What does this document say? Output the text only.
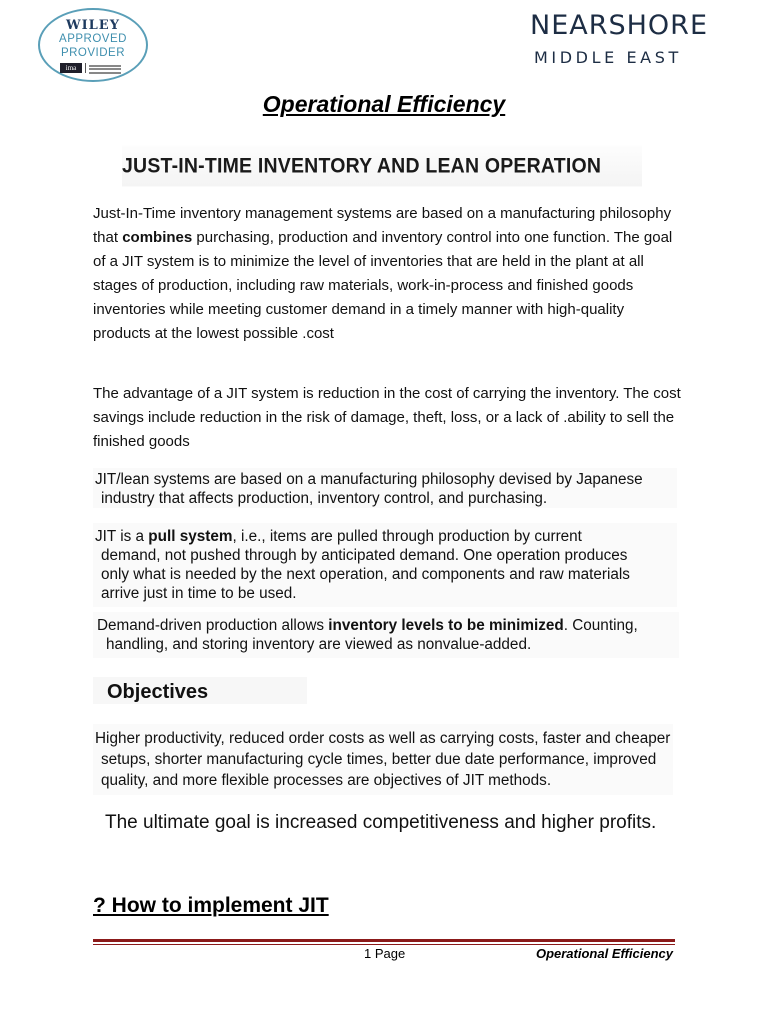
WILEY
APPROVED
PROVIDER
ima
NEARSHORE
MIDDLE EAST
Operational Efficiency
JUST-IN-TIME INVENTORY AND LEAN OPERATION

Just-In-Time inventory management systems are based on a manufacturing philosophy that combines purchasing, production and inventory control into one function. The goal of a JIT system is to minimize the level of inventories that are held in the plant at all stages of production, including raw materials, work-in-process and finished goods inventories while meeting customer demand in a timely manner with high-quality products at the lowest possible .cost

The advantage of a JIT system is reduction in the cost of carrying the inventory. The cost savings include reduction in the risk of damage, theft, loss, or a lack of .ability to sell the finished goods

JIT/lean systems are based on a manufacturing philosophy devised by Japanese

industry that affects production, inventory control, and purchasing.
JIT is a pull system, i.e., items are pulled through production by current

demand, not pushed through by anticipated demand. One operation produces
only what is needed by the next operation, and components and raw materials
arrive just in time to be used.
Demand-driven production allows inventory levels to be minimized. Counting,

handling, and storing inventory are viewed as nonvalue-added.
Objectives
Higher productivity, reduced order costs as well as carrying costs, faster and cheaper

setups, shorter manufacturing cycle times, better due date performance, improved
quality, and more flexible processes are objectives of JIT methods.
The ultimate goal is increased competitiveness and higher profits.
? How to implement JIT
1 Page	Operational Efficiency
